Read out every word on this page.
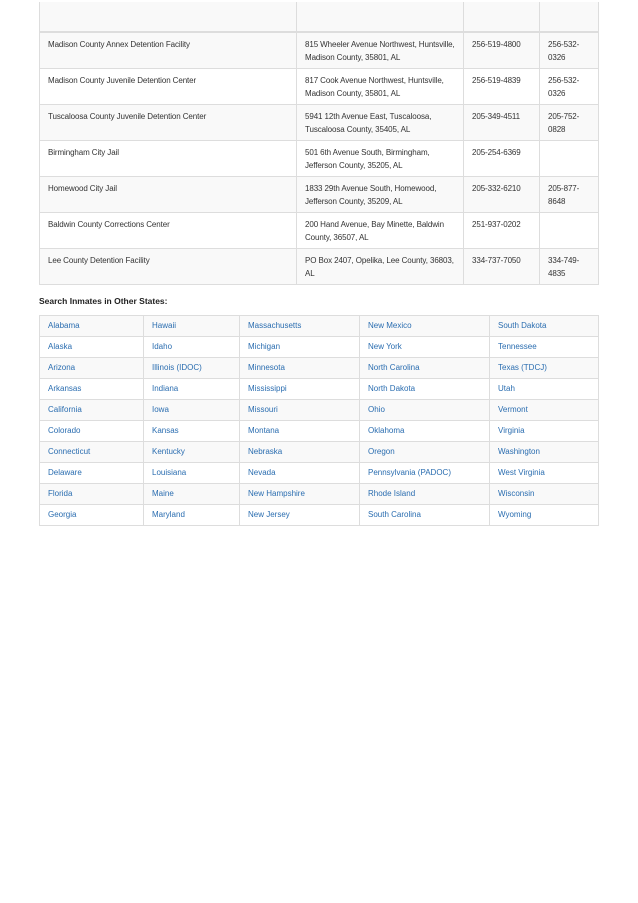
Madison County Annex Detention Facility	815 Wheeler Avenue Northwest, Huntsville, Madison County, 35801, AL	256-519-4800	256-532-0326
Madison County Juvenile Detention Center	817 Cook Avenue Northwest, Huntsville, Madison County, 35801, AL	256-519-4839	256-532-0326
Tuscaloosa County Juvenile Detention Center	5941 12th Avenue East, Tuscaloosa, Tuscaloosa County, 35405, AL	205-349-4511	205-752-0828
Birmingham City Jail	501 6th Avenue South, Birmingham, Jefferson County, 35205, AL	205-254-6369	
Homewood City Jail	1833 29th Avenue South, Homewood, Jefferson County, 35209, AL	205-332-6210	205-877-8648
Baldwin County Corrections Center	200 Hand Avenue, Bay Minette, Baldwin County, 36507, AL	251-937-0202	
Lee County Detention Facility	PO Box 2407, Opelika, Lee County, 36803, AL	334-737-7050	334-749-4835
Search Inmates in Other States:
Alabama	Hawaii	Massachusetts	New Mexico	South Dakota
Alaska	Idaho	Michigan	New York	Tennessee
Arizona	Illinois (IDOC)	Minnesota	North Carolina	Texas (TDCJ)
Arkansas	Indiana	Mississippi	North Dakota	Utah
California	Iowa	Missouri	Ohio	Vermont
Colorado	Kansas	Montana	Oklahoma	Virginia
Connecticut	Kentucky	Nebraska	Oregon	Washington
Delaware	Louisiana	Nevada	Pennsylvania (PADOC)	West Virginia
Florida	Maine	New Hampshire	Rhode Island	Wisconsin
Georgia	Maryland	New Jersey	South Carolina	Wyoming
